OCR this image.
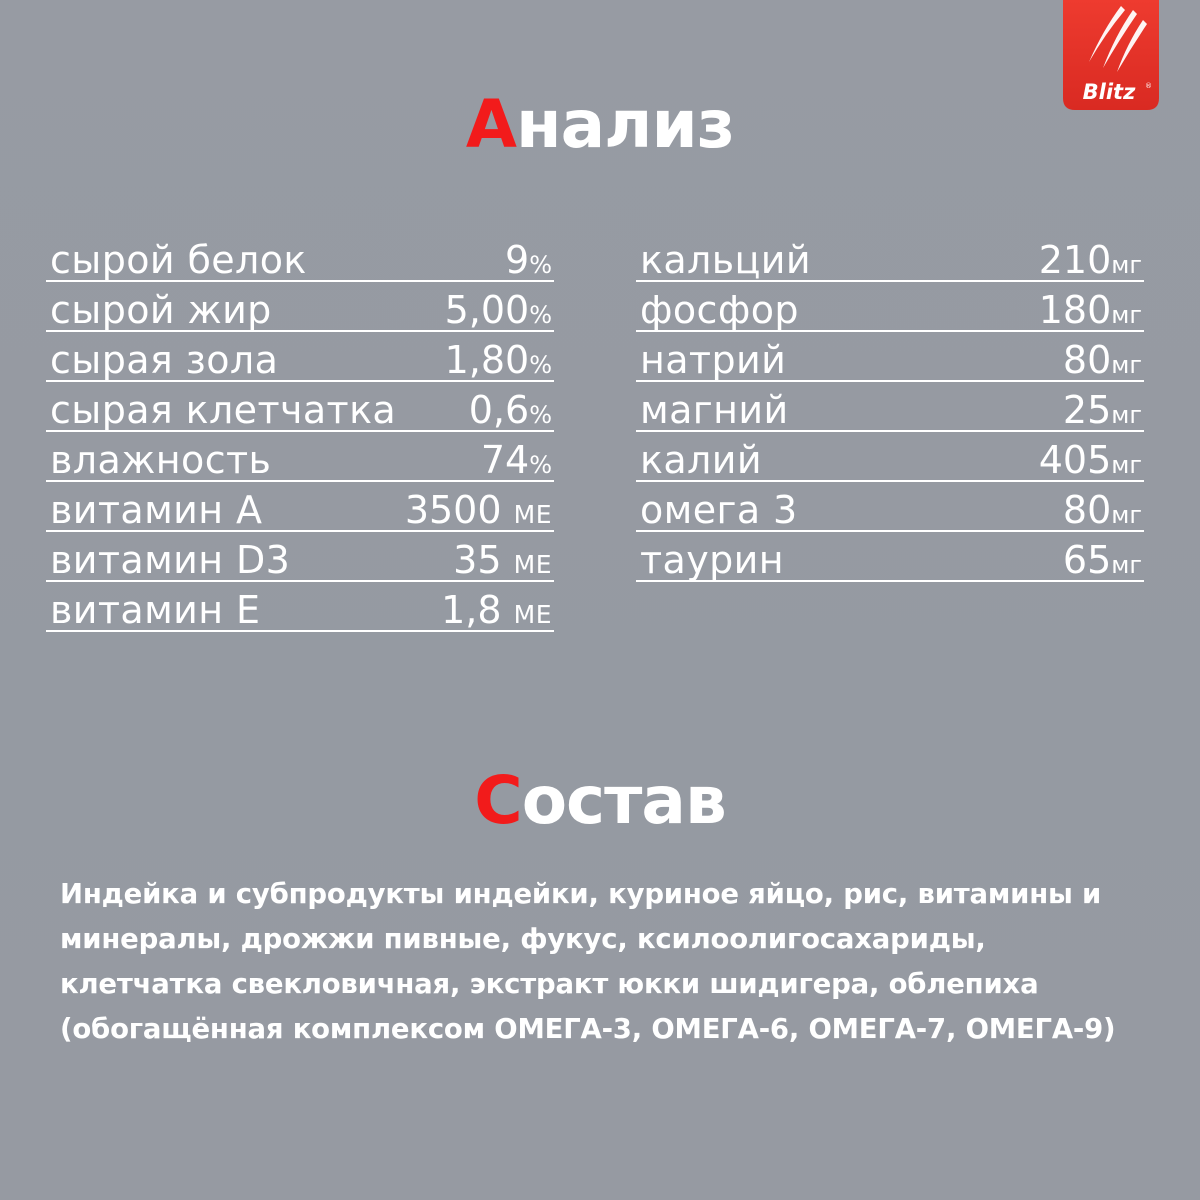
Blitz ®
Анализ
сырой белок	9%
сырой жир	5,00%
сырая зола	1,80%
сырая клетчатка 0,6%
влажность	74%
витамин А	3500 ME
витамин D3	35 ME
витамин Е	1,8 ME
кальций	210мг
фосфор	180мг
натрий	80мг
магний	25мг
калий	405мг
омега 3	80мг
таурин	65мг
Состав

Индейка и субпродукты индейки, куриное яйцо, рис, витамины и
минералы, дрожжи пивные, фукус, ксилоолигосахариды,
клетчатка свекловичная, экстракт юкки шидигера, облепиха
(обогащённая комплексом ОМЕГА-3, ОМЕГА-6, ОМЕГА-7, ОМЕГА-9)
